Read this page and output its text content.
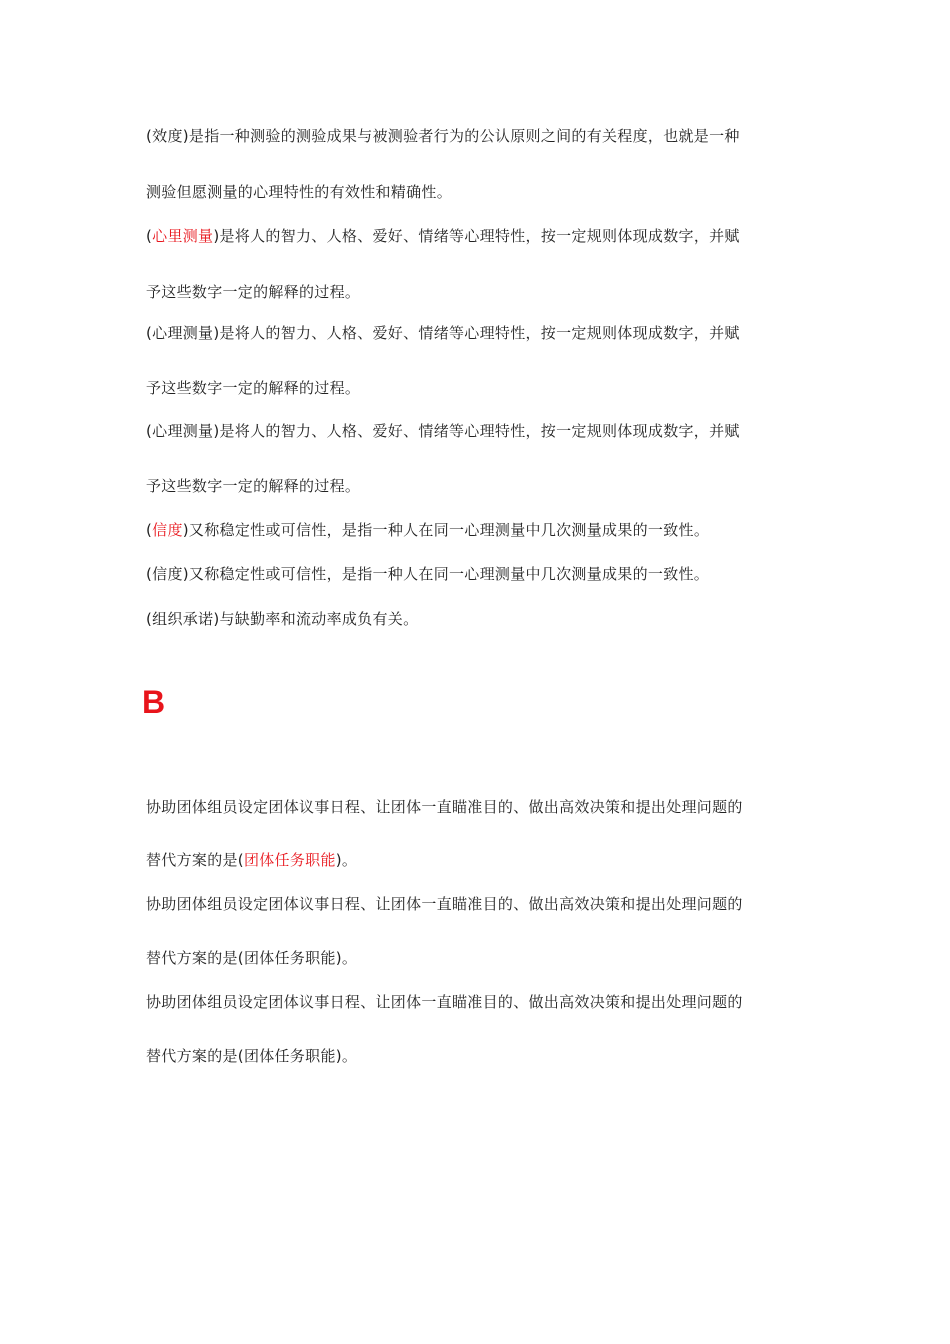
(效度)是指一种测验的测验成果与被测验者行为的公认原则之间的有关程度，也就是一种
测验但愿测量的心理特性的有效性和精确性。
(心里测量)是将人的智力、人格、爱好、情绪等心理特性，按一定规则体现成数字，并赋
予这些数字一定的解释的过程。
(心理测量)是将人的智力、人格、爱好、情绪等心理特性，按一定规则体现成数字，并赋
予这些数字一定的解释的过程。
(心理测量)是将人的智力、人格、爱好、情绪等心理特性，按一定规则体现成数字，并赋
予这些数字一定的解释的过程。
(信度)又称稳定性或可信性，是指一种人在同一心理测量中几次测量成果的一致性。
(信度)又称稳定性或可信性，是指一种人在同一心理测量中几次测量成果的一致性。
(组织承诺)与缺勤率和流动率成负有关。
B
协助团体组员设定团体议事日程、让团体一直瞄准目的、做出高效决策和提出处理问题的
替代方案的是(团体任务职能)。
协助团体组员设定团体议事日程、让团体一直瞄准目的、做出高效决策和提出处理问题的
替代方案的是(团体任务职能)。
协助团体组员设定团体议事日程、让团体一直瞄准目的、做出高效决策和提出处理问题的
替代方案的是(团体任务职能)。
